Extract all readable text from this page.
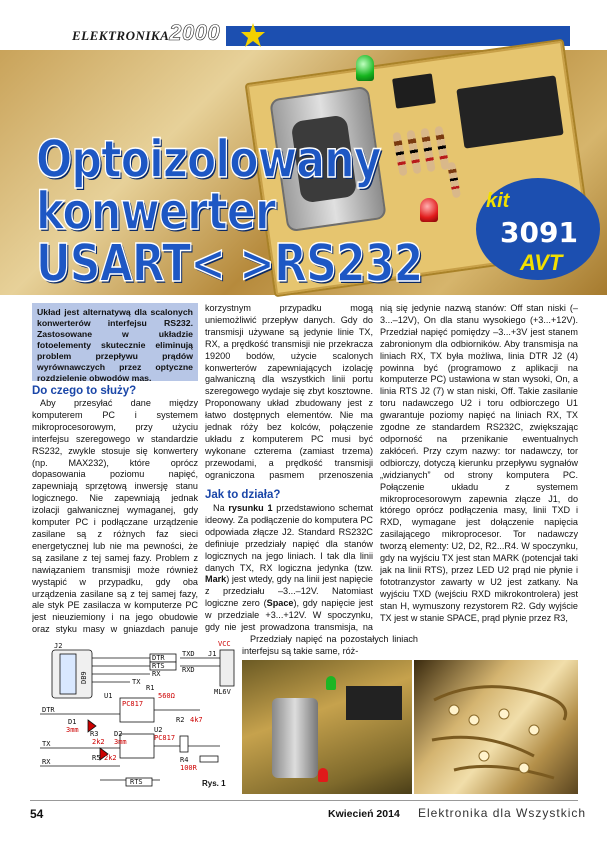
ELEKTRONIKA2000
Optoizolowany
konwerter
USART< >RS232
kit
3091
AVT
Układ jest alternatywą dla scalonych konwerterów interfejsu RS232. Zastosowane w układzie fotoelementy skutecznie eliminują problem przepływu prądów wyrównawczych przez optyczne rozdzielenie obwodów mas.
Do czego to służy?

Aby przesyłać dane między komputerem PC i systemem mikroprocesorowym, przy użyciu interfejsu szeregowego w standardzie RS232, zwykle stosuje się konwertery (np. MAX232), które oprócz dopasowania poziomu napięć, zapewniają sprzętową inwersję stanu logicznego. Nie zapewniają jednak izolacji galwanicznej wymaganej, gdy komputer PC i podłączane urządzenie zasilane są z różnych faz sieci energetycznej lub nie ma pewności, że są zasilane z tej samej fazy. Problem z nawiązaniem transmisji może również wystąpić w przypadku, gdy oba urządzenia zasilane są z tej samej fazy, ale styk PE zasilacza w komputerze PC jest nieuziemiony i na jego obudowie oraz styku masy w gniazdach panuje

korzystnym przypadku mogą uniemożliwić przepływ danych. Gdy do transmisji używane są jedynie linie TX, RX, a prędkość transmisji nie przekracza 19200 bodów, użycie scalonych konwerterów zapewniających izolację galwaniczną dla wszystkich linii portu szeregowego wydaje się zbyt kosztowne. Proponowany układ zbudowany jest z łatwo dostępnych elementów. Nie ma jednak róży bez kolców, połączenie układu z komputerem PC musi być wykonane czterema (zamiast trzema) przewodami, a prędkość transmisji ograniczona pasmem przenoszenia

Jak to działa?

Na rysunku 1 przedstawiono schemat ideowy. Za podłączenie do komputera PC odpowiada złącze J2. Standard RS232C definiuje przedziały napięć dla stanów logicznych na jego liniach. I tak dla linii danych TX, RX logiczna jedynka (tzw. Mark) jest wtedy, gdy na linii jest napięcie z przedziału –3...–12V. Natomiast logiczne zero (Space), gdy napięcie jest w przedziale +3...+12V. W spoczynku, gdy nie jest prowadzona transmisja, na

Przedziały napięć na pozostałych liniach interfejsu są takie same, róż-

nią się jedynie nazwą stanów: Off stan niski (–3...–12V), On dla stanu wysokiego (+3...+12V). Przedział napięć pomiędzy –3...+3V jest stanem zabronionym dla odbiorników. Aby transmisja na liniach RX, TX była możliwa, linia DTR J2 (4) powinna być (programowo z aplikacji na komputerze PC) ustawiona w stan wysoki, On, a linia RTS J2 (7) w stan niski, Off. Takie zasilanie toru nadawczego U2 i toru odbiorczego U1 gwarantuje poziomy napięć na liniach RX, TX zgodne ze standardem RS232C, zwiększając odporność na przenikanie ewentualnych zakłóceń. Przy czym nazwy: tor nadawczy, tor odbiorczy, dotyczą kierunku przepływu sygnałów „widzianych” od strony komputera PC. Połączenie układu z systemem mikroprocesorowym zapewnia złącze J1, do którego oprócz podłączenia masy, linii TXD i RXD, wymagane jest dołączenie napięcia zasilającego mikroprocesor. Tor nadawczy tworzą elementy: U2, D2, R2...R4. W spoczynku, gdy na wyjściu TX jest stan MARK (potencjał taki jak na linii RTS), przez LED U2 prąd nie płynie i fototranzystor zawarty w U2 jest zatkany. Na wyjściu TXD (wejściu RXD mikrokontrolera) jest stan H, wymuszony rezystorem R2. Gdy wyjście TX jest w stanie SPACE, prąd płynie przez R3,

J2
DB9
DTR
RTS
RX
TX
TXD
RXD
VCC
J1
ML6V
U1
PC817
U2
PC817
R1
560Ω
R2 4k7
R3
2k2
R4
100R
R5 2k2
D1
3mm	D2
3mm
DTR
TX
RX
RTS	Rys. 1
54	Kwiecień 2014 Elektronika dla Wszystkich
